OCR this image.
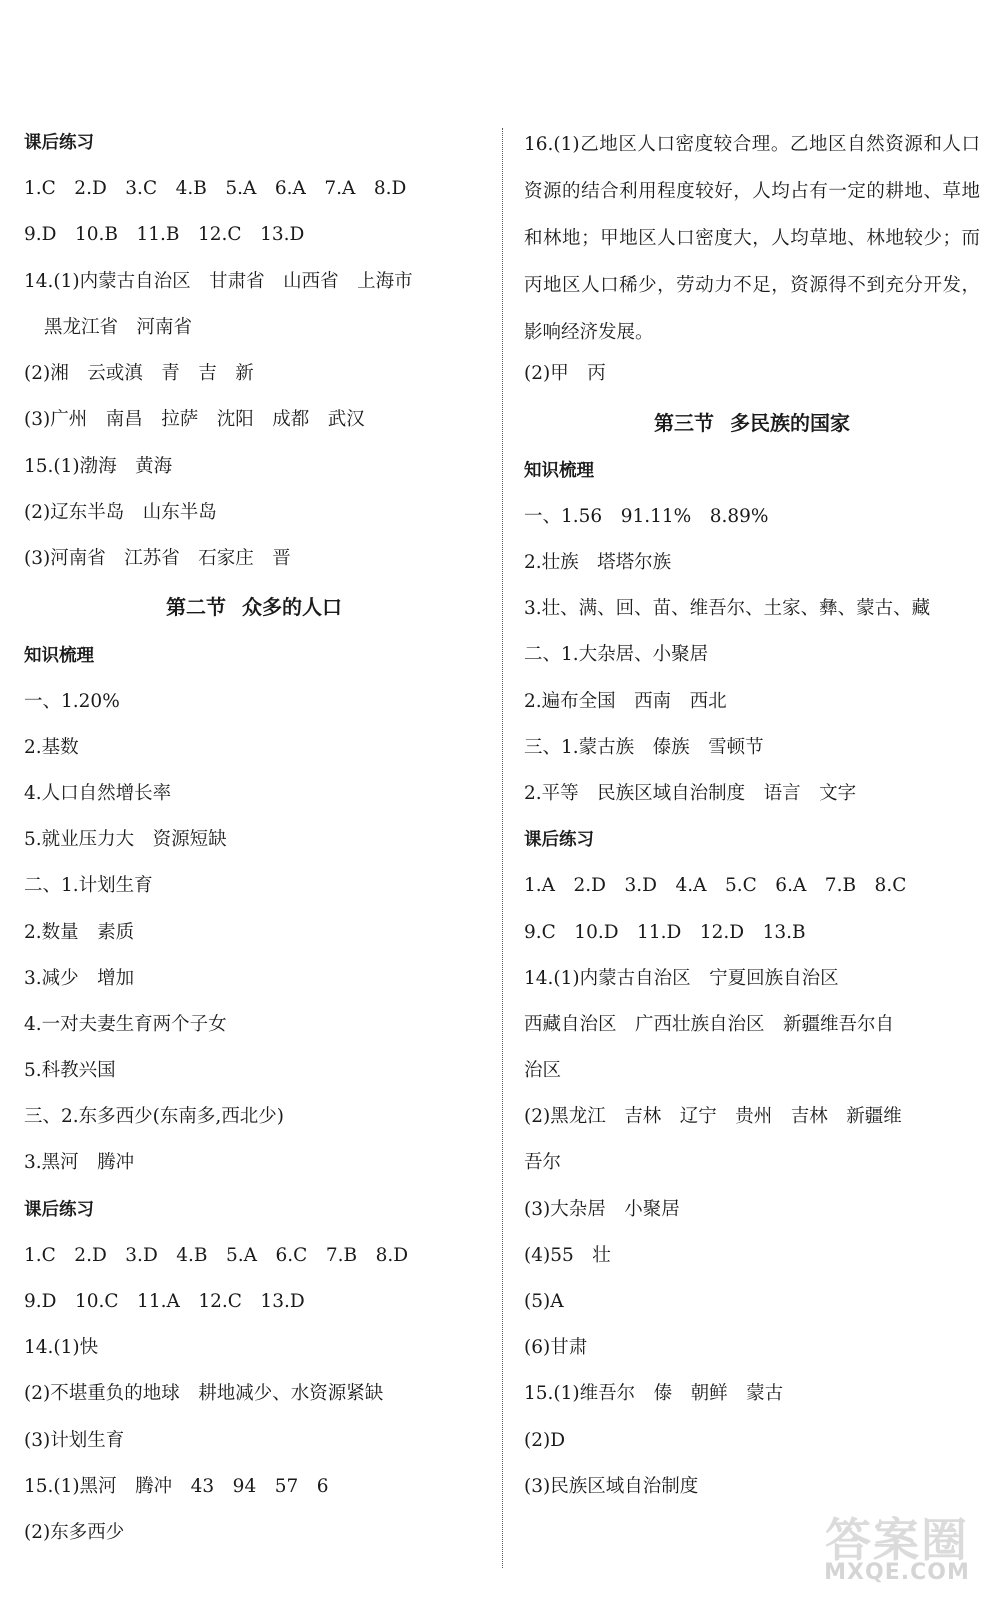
课后练习
1.C　2.D　3.C　4.B　5.A　6.A　7.A　8.D
9.D　10.B　11.B　12.C　13.D
14.(1)内蒙古自治区　甘肃省　山西省　上海市
黑龙江省　河南省
(2)湘　云或滇　青　吉　新
(3)广州　南昌　拉萨　沈阳　成都　武汉
15.(1)渤海　黄海
(2)辽东半岛　山东半岛
(3)河南省　江苏省　石家庄　晋
第二节 众多的人口
知识梳理
一、1.20%
2.基数
4.人口自然增长率
5.就业压力大　资源短缺
二、1.计划生育
2.数量　素质
3.减少　增加
4.一对夫妻生育两个子女
5.科教兴国
三、2.东多西少(东南多,西北少)
3.黑河　腾冲
课后练习
1.C　2.D　3.D　4.B　5.A　6.C　7.B　8.D
9.D　10.C　11.A　12.C　13.D
14.(1)快
(2)不堪重负的地球　耕地减少、水资源紧缺
(3)计划生育
15.(1)黑河　腾冲　43　94　57　6
(2)东多西少
16.(1)乙地区人口密度较合理。乙地区自然资源和人口资源的结合利用程度较好，人均占有一定的耕地、草地和林地；甲地区人口密度大，人均草地、林地较少；而丙地区人口稀少，劳动力不足，资源得不到充分开发，影响经济发展。
(2)甲　丙
第三节 多民族的国家
知识梳理
一、1.56　91.11%　8.89%
2.壮族　塔塔尔族
3.壮、满、回、苗、维吾尔、土家、彝、蒙古、藏
二、1.大杂居、小聚居
2.遍布全国　西南　西北
三、1.蒙古族　傣族　雪顿节
2.平等　民族区域自治制度　语言　文字
课后练习
1.A　2.D　3.D　4.A　5.C　6.A　7.B　8.C
9.C　10.D　11.D　12.D　13.B
14.(1)内蒙古自治区　宁夏回族自治区
西藏自治区　广西壮族自治区　新疆维吾尔自
治区
(2)黑龙江　吉林　辽宁　贵州　吉林　新疆维
吾尔
(3)大杂居　小聚居
(4)55　壮
(5)A
(6)甘肃
15.(1)维吾尔　傣　朝鲜　蒙古
(2)D
(3)民族区域自治制度
答案圈
MXQE.COM
